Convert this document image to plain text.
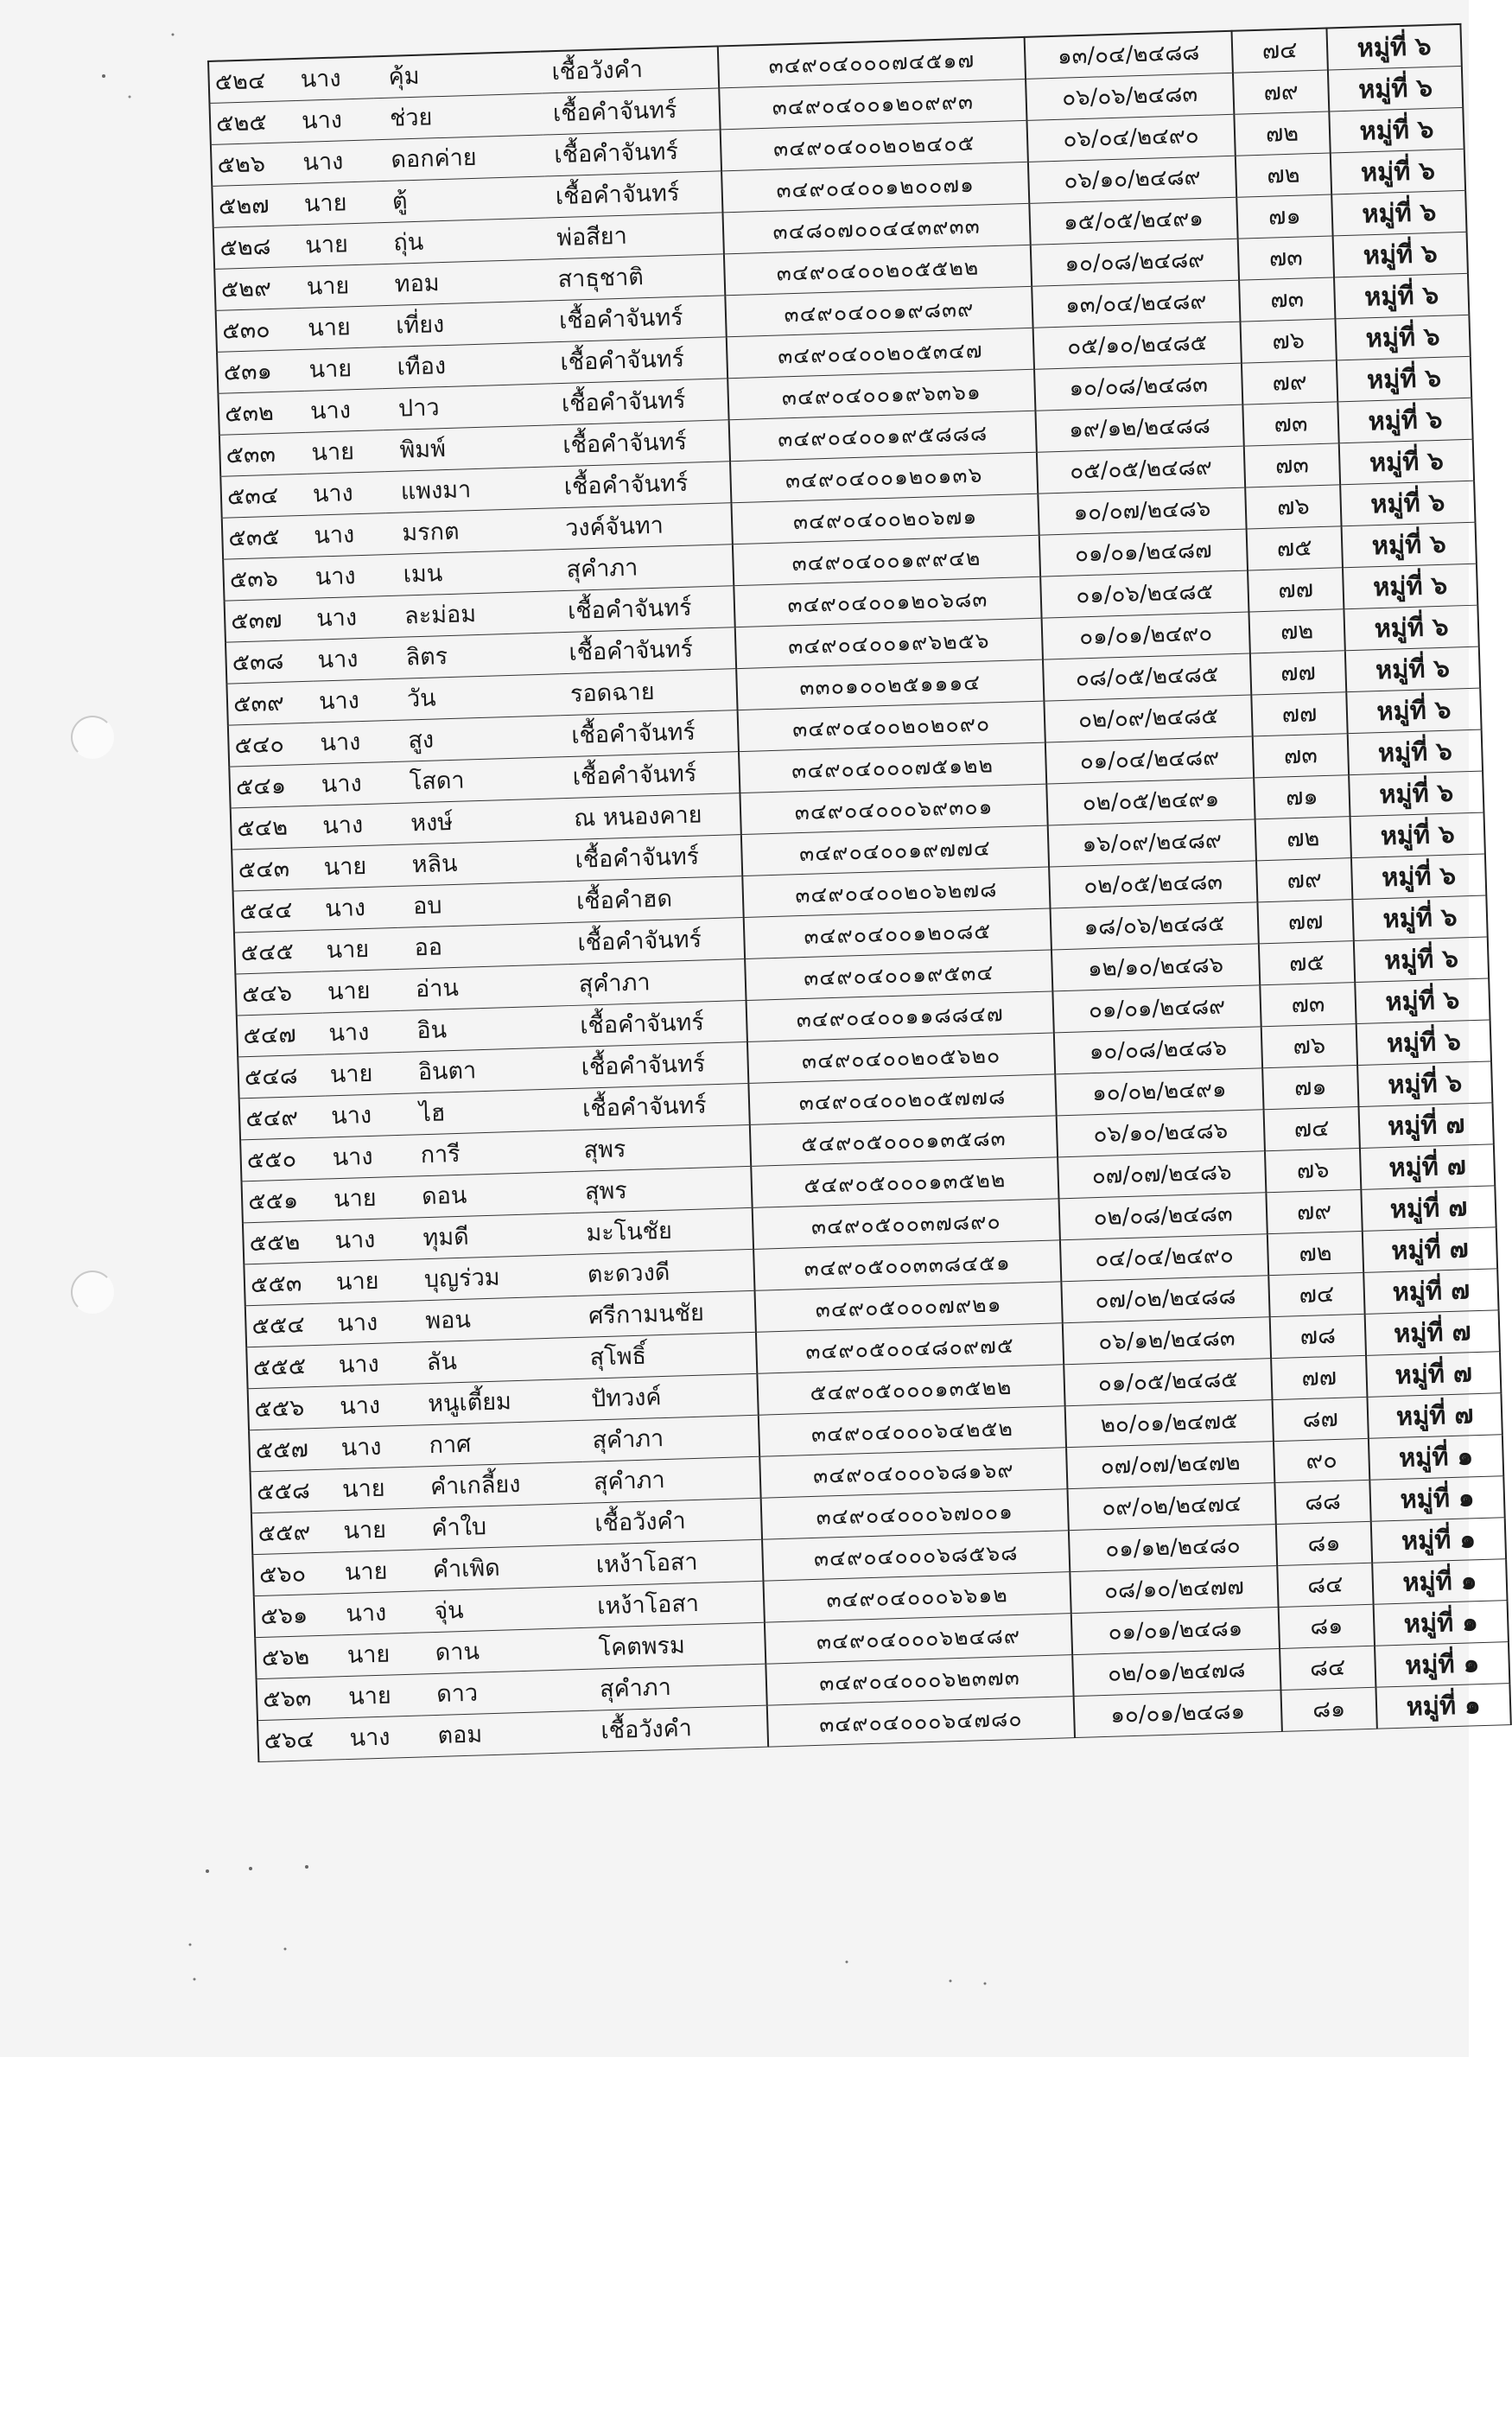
๕๒๔	นาง	คุ้ม	เชื้อวังคำ	๓๔๙๐๔๐๐๐๗๔๕๑๗	๑๓/๐๔/๒๔๘๘	๗๔	หมู่ที่ ๖
๕๒๕	นาง	ช่วย	เชื้อคำจันทร์	๓๔๙๐๔๐๐๑๒๐๙๙๓	๐๖/๐๖/๒๔๘๓	๗๙	หมู่ที่ ๖
๕๒๖	นาง	ดอกค่าย	เชื้อคำจันทร์	๓๔๙๐๔๐๐๒๐๒๔๐๕	๐๖/๐๔/๒๔๙๐	๗๒	หมู่ที่ ๖
๕๒๗	นาย	ตู้	เชื้อคำจันทร์	๓๔๙๐๔๐๐๑๒๐๐๗๑	๐๖/๑๐/๒๔๘๙	๗๒	หมู่ที่ ๖
๕๒๘	นาย	ถุ่น	พ่อสียา	๓๔๘๐๗๐๐๔๔๓๙๓๓	๑๕/๐๕/๒๔๙๑	๗๑	หมู่ที่ ๖
๕๒๙	นาย	ทอม	สาธุชาติ	๓๔๙๐๔๐๐๒๐๕๕๒๒	๑๐/๐๘/๒๔๘๙	๗๓	หมู่ที่ ๖
๕๓๐	นาย	เที่ยง	เชื้อคำจันทร์	๓๔๙๐๔๐๐๑๙๘๓๙	๑๓/๐๔/๒๔๘๙	๗๓	หมู่ที่ ๖
๕๓๑	นาย	เทือง	เชื้อคำจันทร์	๓๔๙๐๔๐๐๒๐๕๓๔๗	๐๕/๑๐/๒๔๘๕	๗๖	หมู่ที่ ๖
๕๓๒	นาง	ปาว	เชื้อคำจันทร์	๓๔๙๐๔๐๐๑๙๖๓๖๑	๑๐/๐๘/๒๔๘๓	๗๙	หมู่ที่ ๖
๕๓๓	นาย	พิมพ์	เชื้อคำจันทร์	๓๔๙๐๔๐๐๑๙๕๘๘๘	๑๙/๑๒/๒๔๘๘	๗๓	หมู่ที่ ๖
๕๓๔	นาง	แพงมา	เชื้อคำจันทร์	๓๔๙๐๔๐๐๑๒๐๑๓๖	๐๕/๐๕/๒๔๘๙	๗๓	หมู่ที่ ๖
๕๓๕	นาง	มรกต	วงค์จันทา	๓๔๙๐๔๐๐๒๐๖๗๑	๑๐/๐๗/๒๔๘๖	๗๖	หมู่ที่ ๖
๕๓๖	นาง	เมน	สุคำภา	๓๔๙๐๔๐๐๑๙๙๔๒	๐๑/๐๑/๒๔๘๗	๗๕	หมู่ที่ ๖
๕๓๗	นาง	ละม่อม	เชื้อคำจันทร์	๓๔๙๐๔๐๐๑๒๐๖๘๓	๐๑/๐๖/๒๔๘๕	๗๗	หมู่ที่ ๖
๕๓๘	นาง	ลิตร	เชื้อคำจันทร์	๓๔๙๐๔๐๐๑๙๖๒๕๖	๐๑/๐๑/๒๔๙๐	๗๒	หมู่ที่ ๖
๕๓๙	นาง	วัน	รอดฉาย	๓๓๐๑๐๐๒๕๑๑๑๔	๐๘/๐๕/๒๔๘๕	๗๗	หมู่ที่ ๖
๕๔๐	นาง	สูง	เชื้อคำจันทร์	๓๔๙๐๔๐๐๒๐๒๐๙๐	๐๒/๐๙/๒๔๘๕	๗๗	หมู่ที่ ๖
๕๔๑	นาง	โสดา	เชื้อคำจันทร์	๓๔๙๐๔๐๐๐๗๕๑๒๒	๐๑/๐๔/๒๔๘๙	๗๓	หมู่ที่ ๖
๕๔๒	นาง	หงษ์	ณ หนองคาย	๓๔๙๐๔๐๐๐๖๙๓๐๑	๐๒/๐๕/๒๔๙๑	๗๑	หมู่ที่ ๖
๕๔๓	นาย	หลิน	เชื้อคำจันทร์	๓๔๙๐๔๐๐๑๙๗๗๔	๑๖/๐๙/๒๔๘๙	๗๒	หมู่ที่ ๖
๕๔๔	นาง	อบ	เชื้อคำฮด	๓๔๙๐๔๐๐๒๐๖๒๗๘	๐๒/๐๕/๒๔๘๓	๗๙	หมู่ที่ ๖
๕๔๕	นาย	ออ	เชื้อคำจันทร์	๓๔๙๐๔๐๐๑๒๐๘๕	๑๘/๐๖/๒๔๘๕	๗๗	หมู่ที่ ๖
๕๔๖	นาย	อ่าน	สุคำภา	๓๔๙๐๔๐๐๑๙๕๓๔	๑๒/๑๐/๒๔๘๖	๗๕	หมู่ที่ ๖
๕๔๗	นาง	อิน	เชื้อคำจันทร์	๓๔๙๐๔๐๐๑๑๘๘๔๗	๐๑/๐๑/๒๔๘๙	๗๓	หมู่ที่ ๖
๕๔๘	นาย	อินตา	เชื้อคำจันทร์	๓๔๙๐๔๐๐๒๐๕๖๒๐	๑๐/๐๘/๒๔๘๖	๗๖	หมู่ที่ ๖
๕๔๙	นาง	ไฮ	เชื้อคำจันทร์	๓๔๙๐๔๐๐๒๐๕๗๗๘	๑๐/๐๒/๒๔๙๑	๗๑	หมู่ที่ ๖
๕๕๐	นาง	การี	สุพร	๕๔๙๐๕๐๐๐๑๓๕๘๓	๐๖/๑๐/๒๔๘๖	๗๔	หมู่ที่ ๗
๕๕๑	นาย	ดอน	สุพร	๕๔๙๐๕๐๐๐๑๓๕๒๒	๐๗/๐๗/๒๔๘๖	๗๖	หมู่ที่ ๗
๕๕๒	นาง	ทุมดี	มะโนชัย	๓๔๙๐๕๐๐๓๗๘๙๐	๐๒/๐๘/๒๔๘๓	๗๙	หมู่ที่ ๗
๕๕๓	นาย	บุญร่วม	ตะดวงดี	๓๔๙๐๕๐๐๓๓๘๔๕๑	๐๔/๐๔/๒๔๙๐	๗๒	หมู่ที่ ๗
๕๕๔	นาง	พอน	ศรีกามนชัย	๓๔๙๐๕๐๐๐๗๙๒๑	๐๗/๐๒/๒๔๘๘	๗๔	หมู่ที่ ๗
๕๕๕	นาง	ลัน	สุโพธิ์	๓๔๙๐๕๐๐๔๘๐๙๗๕	๐๖/๑๒/๒๔๘๓	๗๘	หมู่ที่ ๗
๕๕๖	นาง	หนูเตี้ยม	ปัทวงค์	๕๔๙๐๕๐๐๐๑๓๕๒๒	๐๑/๐๕/๒๔๘๕	๗๗	หมู่ที่ ๗
๕๕๗	นาง	กาศ	สุคำภา	๓๔๙๐๔๐๐๐๖๔๒๕๒	๒๐/๐๑/๒๔๗๕	๘๗	หมู่ที่ ๗
๕๕๘	นาย	คำเกลี้ยง	สุคำภา	๓๔๙๐๔๐๐๐๖๘๑๖๙	๐๗/๐๗/๒๔๗๒	๙๐	หมู่ที่ ๑
๕๕๙	นาย	คำใบ	เชื้อวังคำ	๓๔๙๐๔๐๐๐๖๗๐๐๑	๐๙/๐๒/๒๔๗๔	๘๘	หมู่ที่ ๑
๕๖๐	นาย	คำเพิด	เหง้าโอสา	๓๔๙๐๔๐๐๐๖๘๕๖๘	๐๑/๑๒/๒๔๘๐	๘๑	หมู่ที่ ๑
๕๖๑	นาง	จุ่น	เหง้าโอสา	๓๔๙๐๔๐๐๐๖๖๑๒	๐๘/๑๐/๒๔๗๗	๘๔	หมู่ที่ ๑
๕๖๒	นาย	ดาน	โคตพรม	๓๔๙๐๔๐๐๐๖๒๔๘๙	๐๑/๐๑/๒๔๘๑	๘๑	หมู่ที่ ๑
๕๖๓	นาย	ดาว	สุคำภา	๓๔๙๐๔๐๐๐๖๒๓๗๓	๐๒/๐๑/๒๔๗๘	๘๔	หมู่ที่ ๑
๕๖๔	นาง	ตอม	เชื้อวังคำ	๓๔๙๐๔๐๐๐๖๔๗๘๐	๑๐/๐๑/๒๔๘๑	๘๑	หมู่ที่ ๑
